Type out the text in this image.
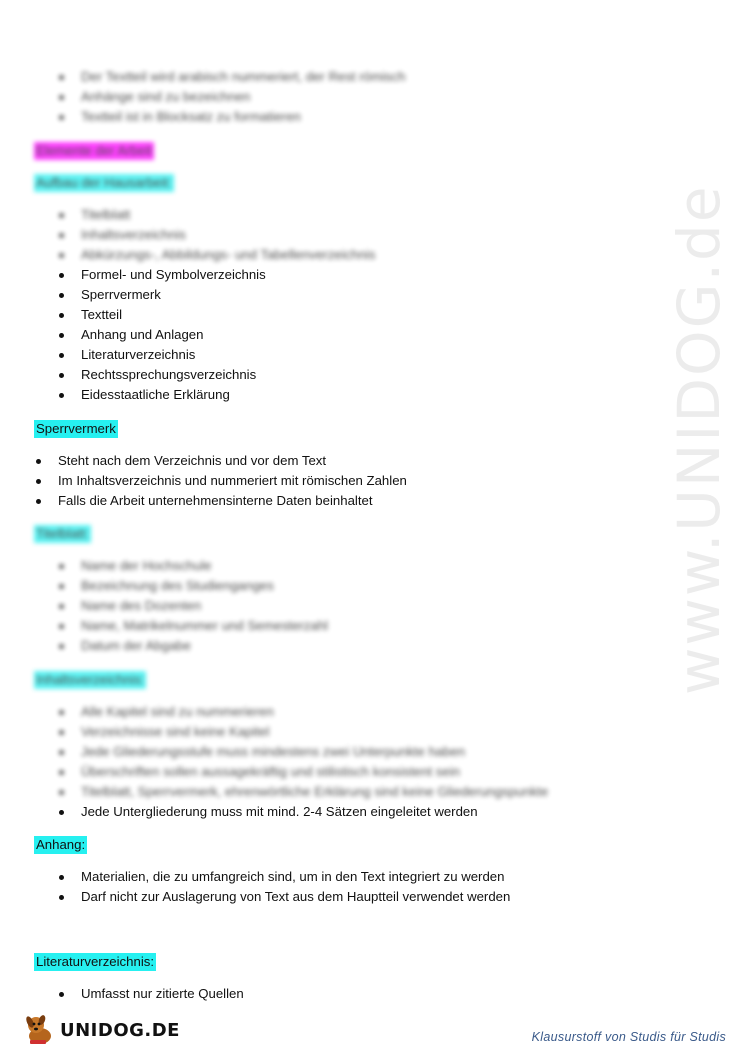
www.UNIDOG.de
Der Textteil wird arabisch nummeriert, der Rest römisch
Anhänge sind zu bezeichnen
Textteil ist in Blocksatz zu formatieren
Elemente der Arbeit
Aufbau der Hausarbeit:
Titelblatt
Inhaltsverzeichnis
Abkürzungs-, Abbildungs- und Tabellenverzeichnis
Formel- und Symbolverzeichnis
Sperrvermerk
Textteil
Anhang und Anlagen
Literaturverzeichnis
Rechtssprechungsverzeichnis
Eidesstaatliche Erklärung
Sperrvermerk
Steht nach dem Verzeichnis und vor dem Text
Im Inhaltsverzeichnis und nummeriert mit römischen Zahlen
Falls die Arbeit unternehmensinterne Daten beinhaltet
Titelblatt:
Name der Hochschule
Bezeichnung des Studienganges
Name des Dozenten
Name, Matrikelnummer und Semesterzahl
Datum der Abgabe
Inhaltsverzeichnis:
Alle Kapitel sind zu nummerieren
Verzeichnisse sind keine Kapitel
Jede Gliederungsstufe muss mindestens zwei Unterpunkte haben
Überschriften sollen aussagekräftig und stilistisch konsistent sein
Titelblatt, Sperrvermerk, ehrenwörtliche Erklärung sind keine Gliederungspunkte
Jede Untergliederung muss mit mind. 2-4 Sätzen eingeleitet werden
Anhang:
Materialien, die zu umfangreich sind, um in den Text integriert zu werden
Darf nicht zur Auslagerung von Text aus dem Hauptteil verwendet werden
Literaturverzeichnis:
Umfasst nur zitierte Quellen
UNIDOG.DE	Klausurstoff von Studis für Studis
